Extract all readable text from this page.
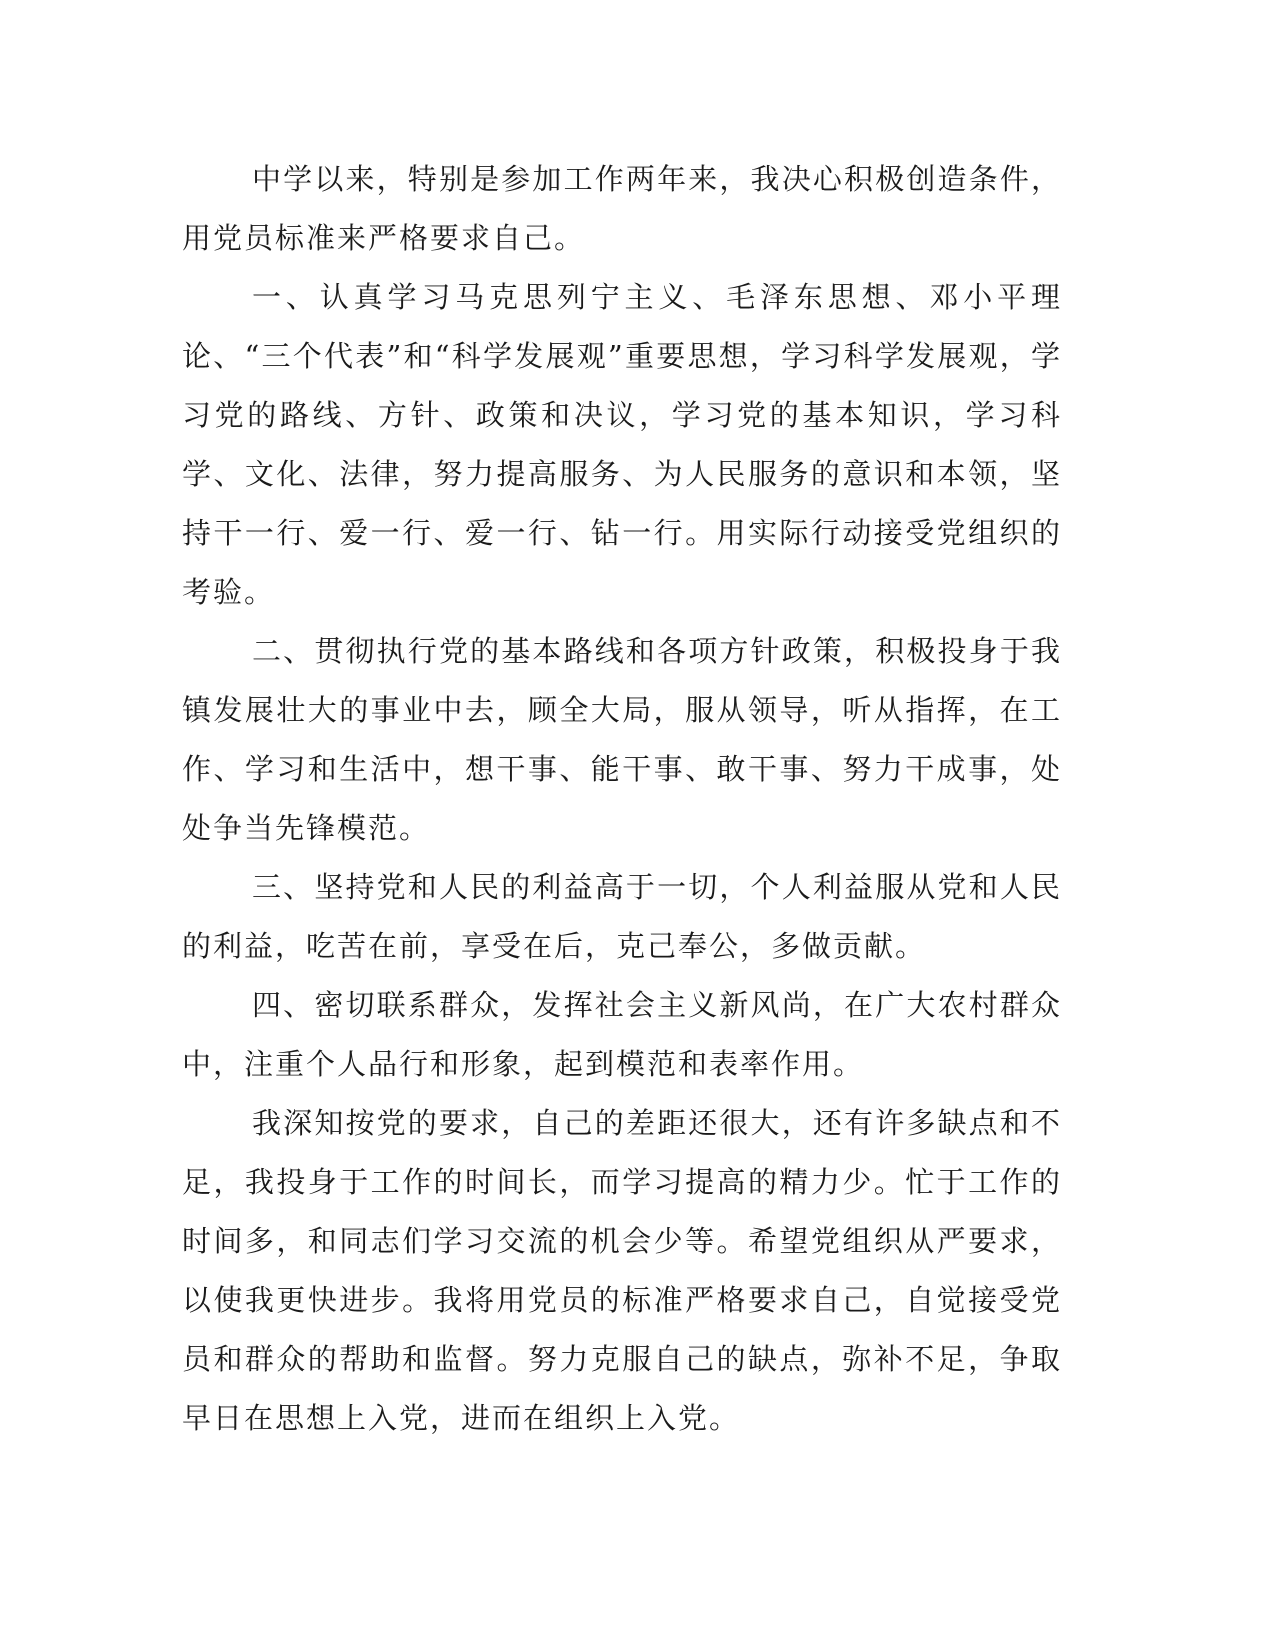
中学以来，特别是参加工作两年来，我决心积极创造条件，用党员标准来严格要求自己。

一、认真学习马克思列宁主义、毛泽东思想、邓小平理论、“三个代表”和“科学发展观”重要思想，学习科学发展观，学习党的路线、方针、政策和决议，学习党的基本知识，学习科学、文化、法律，努力提高服务、为人民服务的意识和本领，坚持干一行、爱一行、爱一行、钻一行。用实际行动接受党组织的考验。

二、贯彻执行党的基本路线和各项方针政策，积极投身于我镇发展壮大的事业中去，顾全大局，服从领导，听从指挥，在工作、学习和生活中，想干事、能干事、敢干事、努力干成事，处处争当先锋模范。

三、坚持党和人民的利益高于一切，个人利益服从党和人民的利益，吃苦在前，享受在后，克己奉公，多做贡献。

四、密切联系群众，发挥社会主义新风尚，在广大农村群众中，注重个人品行和形象，起到模范和表率作用。

我深知按党的要求，自己的差距还很大，还有许多缺点和不足，我投身于工作的时间长，而学习提高的精力少。忙于工作的时间多，和同志们学习交流的机会少等。希望党组织从严要求，以使我更快进步。我将用党员的标准严格要求自己，自觉接受党员和群众的帮助和监督。努力克服自己的缺点，弥补不足，争取早日在思想上入党，进而在组织上入党。
